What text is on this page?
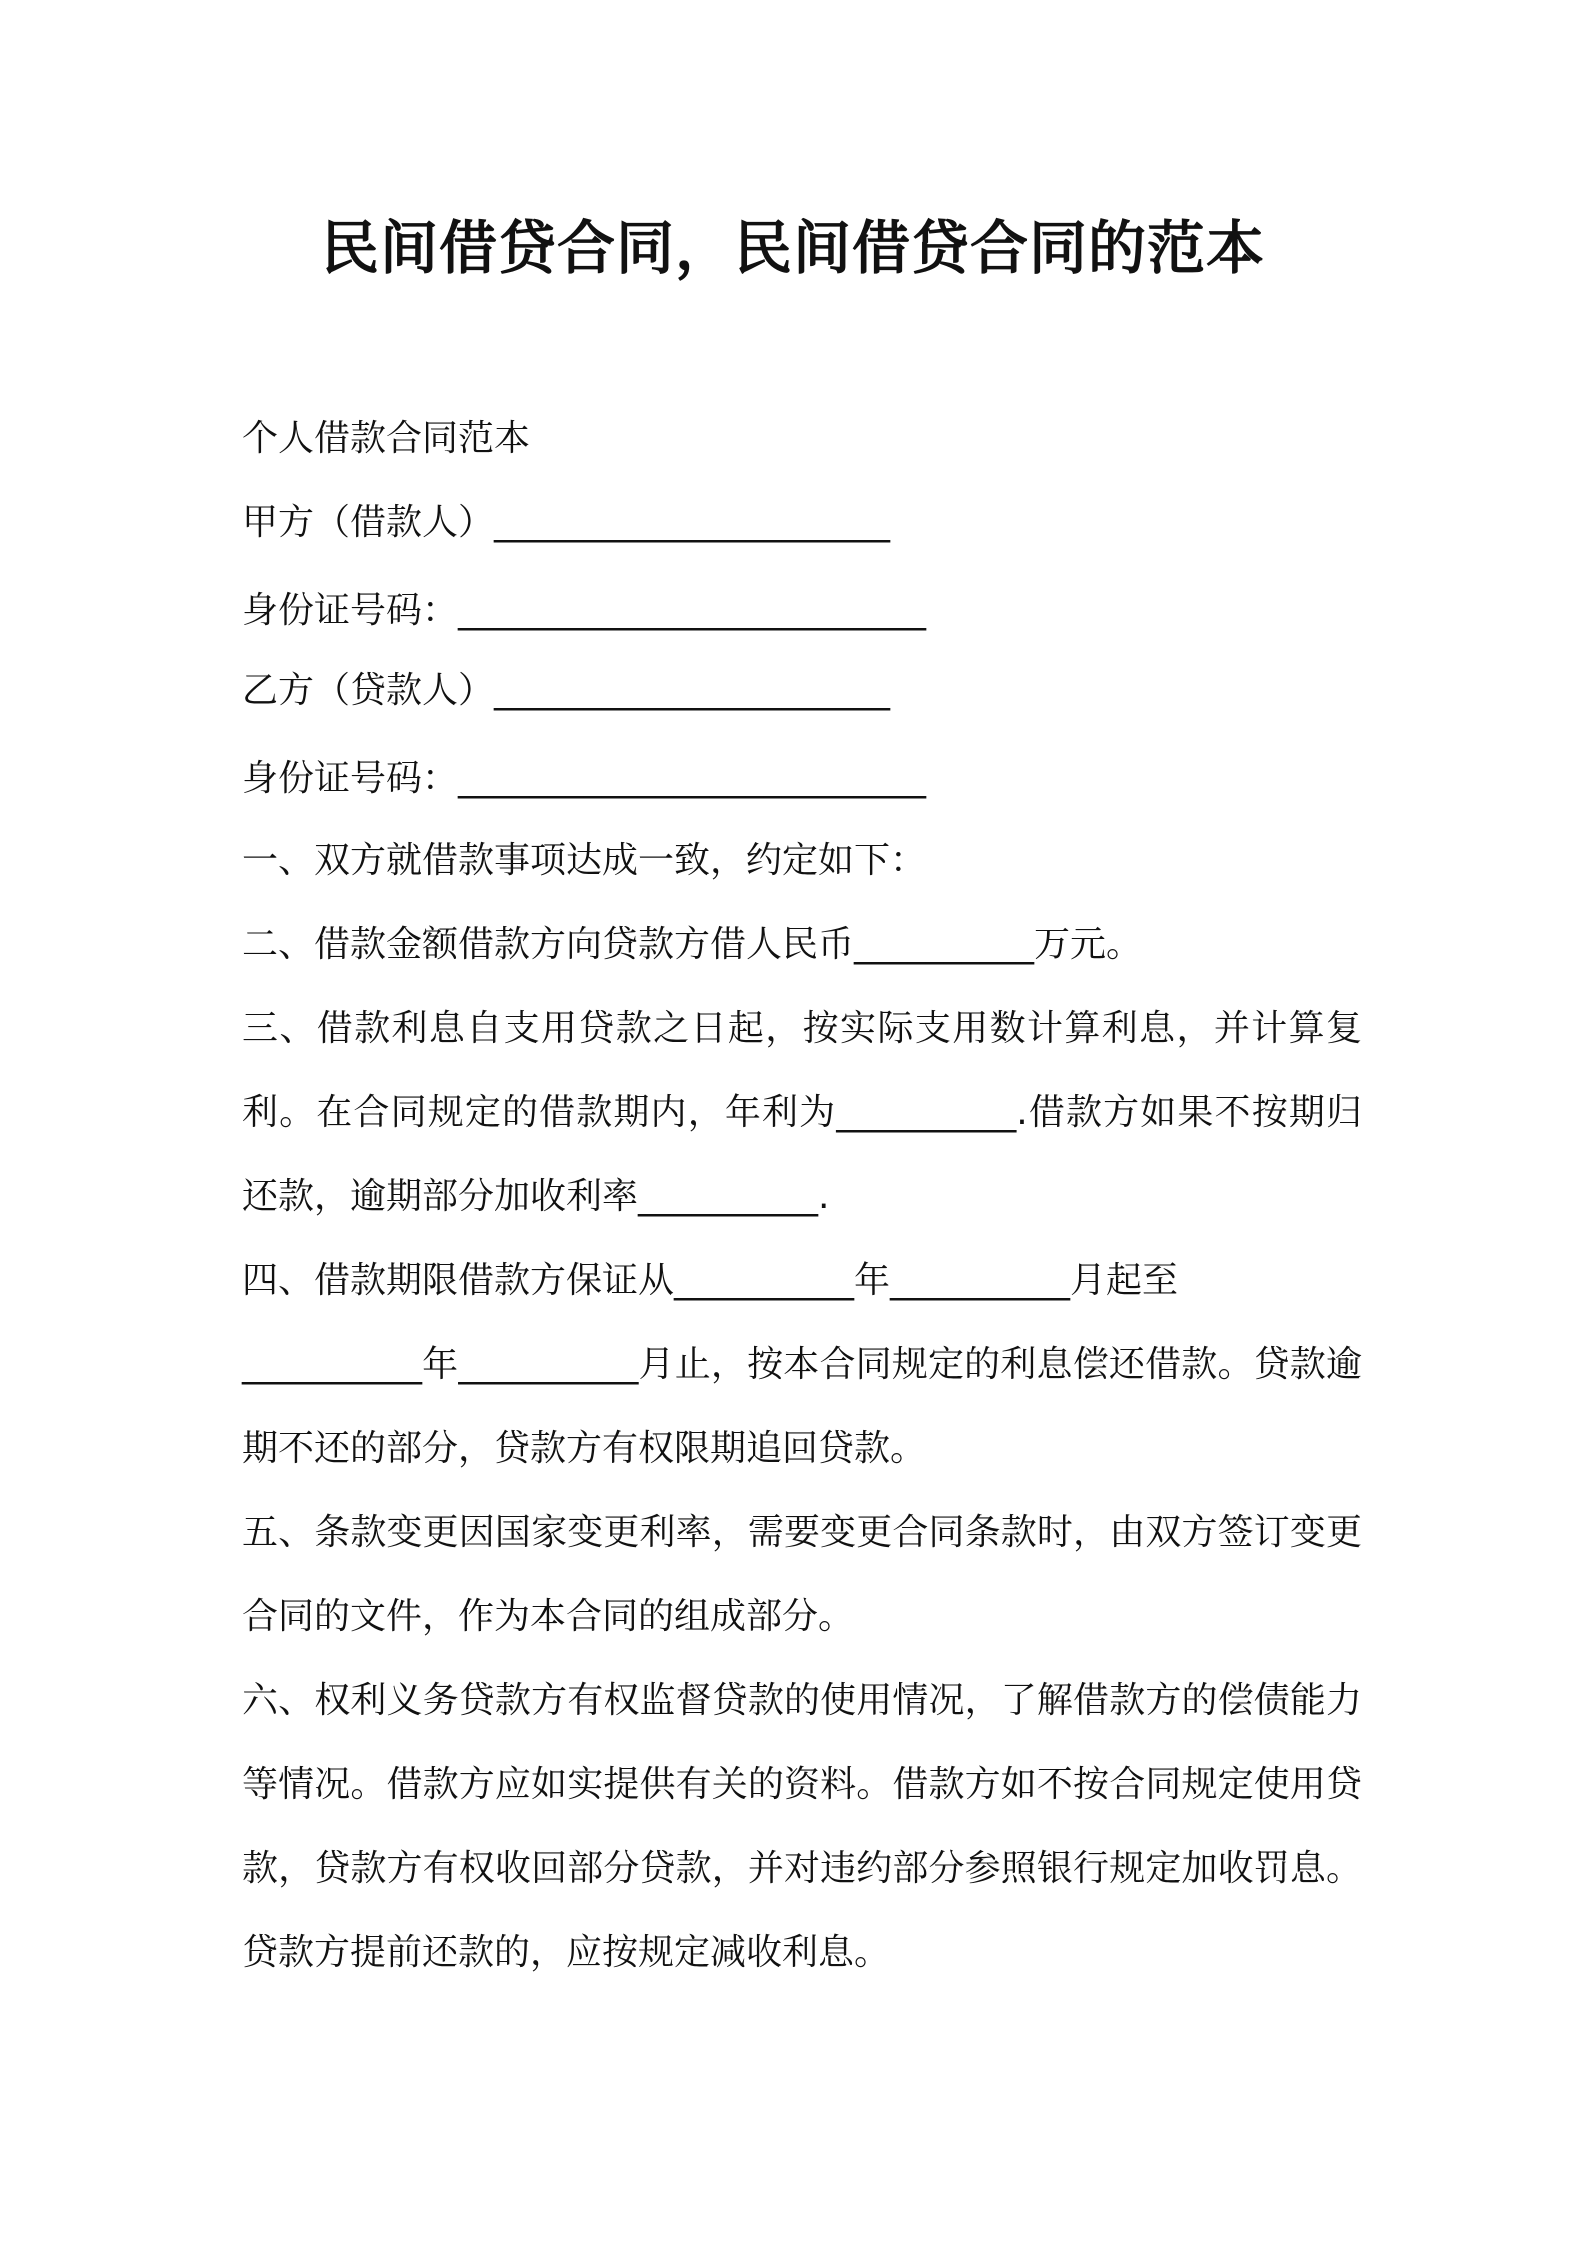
民间借贷合同，民间借贷合同的范本
个人借款合同范本
甲方（借款人）______________________
身份证号码：__________________________
乙方（贷款人）______________________
身份证号码：__________________________

一、双方就借款事项达成一致，约定如下：

二、借款金额借款方向贷款方借人民币__________万元。

三、借款利息自支用贷款之日起，按实际支用数计算利息，并计算复利。在合同规定的借款期内，年利为__________.借款方如果不按期归还款，逾期部分加收利率__________.

四、借款期限借款方保证从__________年__________月起至
__________年__________月止，按本合同规定的利息偿还借款。贷款逾期不还的部分，贷款方有权限期追回贷款。

五、条款变更因国家变更利率，需要变更合同条款时，由双方签订变更合同的文件，作为本合同的组成部分。

六、权利义务贷款方有权监督贷款的使用情况，了解借款方的偿债能力等情况。借款方应如实提供有关的资料。借款方如不按合同规定使用贷款，贷款方有权收回部分贷款，并对违约部分参照银行规定加收罚息。贷款方提前还款的，应按规定减收利息。
